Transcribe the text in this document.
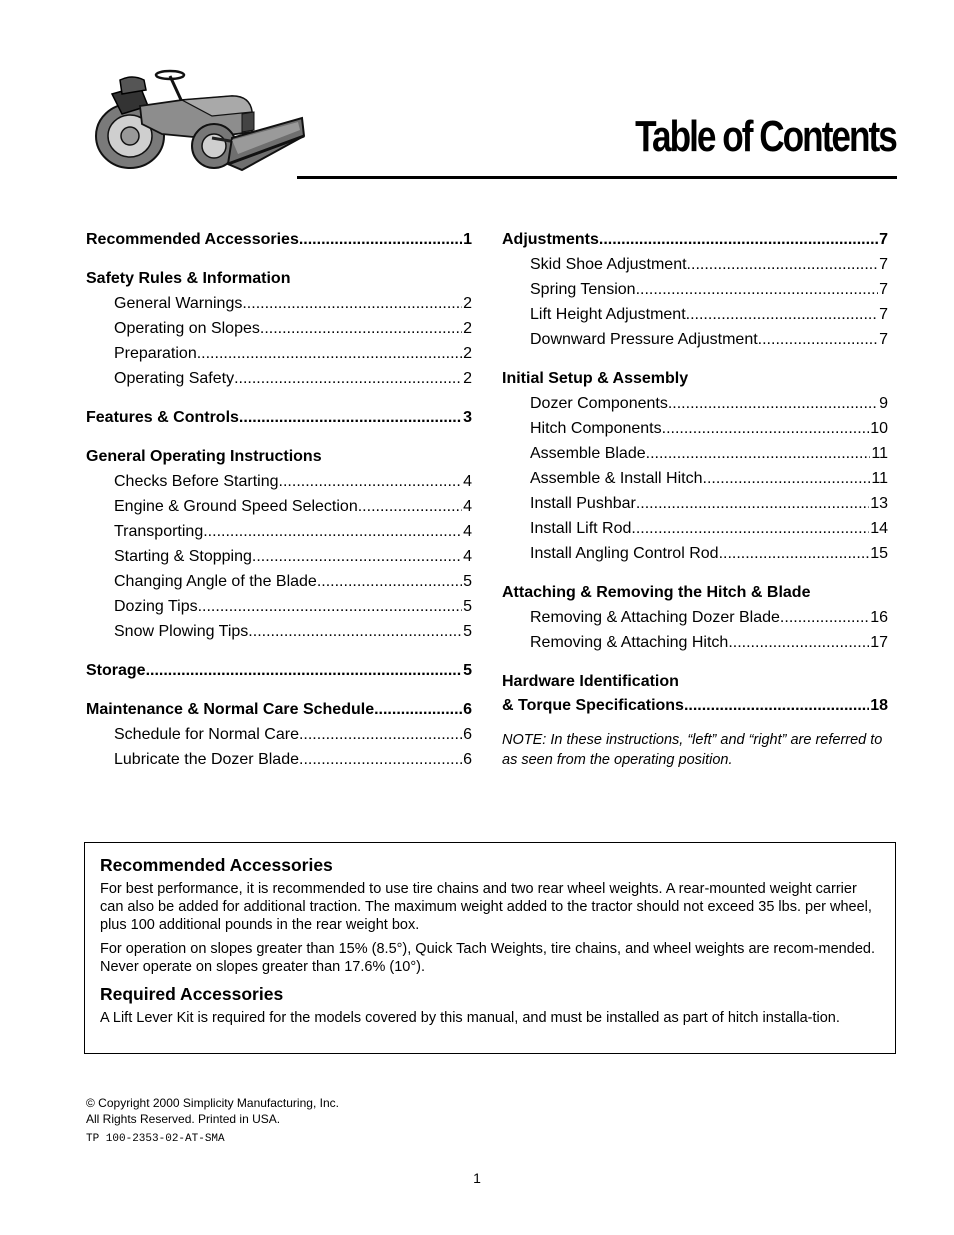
Table of Contents
Recommended Accessories .....	1
Safety Rules & Information
General Warnings .....	2
Operating on Slopes .....	2
Preparation .....	2
Operating Safety .....	2
Features & Controls .....	3
General Operating Instructions
Checks Before Starting .....	4
Engine & Ground Speed Selection .....	4
Transporting .....	4
Starting & Stopping .....	4
Changing Angle of the Blade .....	5
Dozing Tips .....	5
Snow Plowing Tips .....	5
Storage .....	5
Maintenance & Normal Care Schedule .....	6
Schedule for Normal Care .....	6
Lubricate the Dozer Blade .....	6
Adjustments .....	7
Skid Shoe Adjustment .....	7
Spring Tension .....	7
Lift Height Adjustment .....	7
Downward Pressure Adjustment .....	7
Initial Setup & Assembly
Dozer Components .....	9
Hitch Components .....	10
Assemble Blade .....	11
Assemble & Install Hitch .....	11
Install Pushbar .....	13
Install Lift Rod .....	14
Install Angling Control Rod .....	15
Attaching & Removing the Hitch & Blade
Removing & Attaching Dozer Blade .....	16
Removing & Attaching Hitch .....	17
Hardware Identification
& Torque Specifications .....	18
NOTE: In these instructions, “left” and “right” are referred to as seen from the operating position.
Recommended Accessories

For best performance, it is recommended to use tire chains and two rear wheel weights. A rear-mounted weight carrier can also be added for additional traction. The maximum weight added to the tractor should not exceed 35 lbs. per wheel, plus 100 additional pounds in the rear weight box.

For operation on slopes greater than 15% (8.5°), Quick Tach Weights, tire chains, and wheel weights are recom-mended. Never operate on slopes greater than 17.6% (10°).

Required Accessories

A Lift Lever Kit is required for the models covered by this manual, and must be installed as part of hitch installa-tion.

© Copyright 2000 Simplicity Manufacturing, Inc.
All Rights Reserved. Printed in USA.
TP 100-2353-02-AT-SMA
1
